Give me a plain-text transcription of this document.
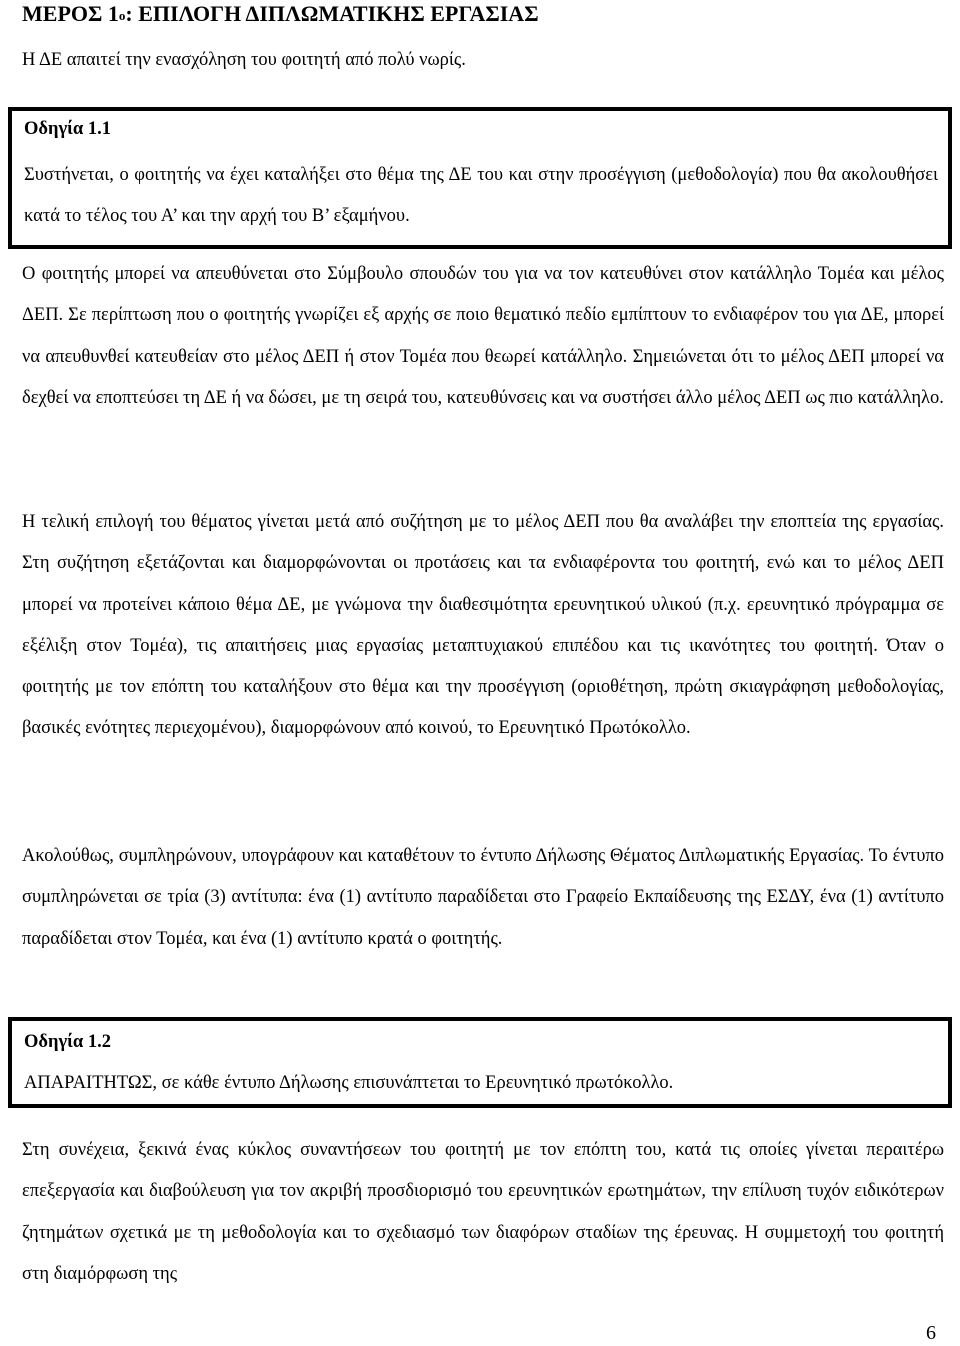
ΜΕΡΟΣ $1^o$: ΕΠΙΛΟΓΗ ΔΙΠΛΩΜΑΤΙΚΗΣ ΕΡΓΑΣΙΑΣ
Η ΔΕ απαιτεί την ενασχόληση του φοιτητή από πολύ νωρίς.
Οδηγία 1.1
Συστήνεται, ο φοιτητής να έχει καταλήξει στο θέμα της ΔΕ του και στην προσέγγιση (μεθοδολογία) που θα ακολουθήσει κατά το τέλος του Α’ και την αρχή του Β’ εξαμήνου.

Ο φοιτητής μπορεί να απευθύνεται στο Σύμβουλο σπουδών του για να τον κατευθύνει στον κατάλληλο Τομέα και μέλος ΔΕΠ. Σε περίπτωση που ο φοιτητής γνωρίζει εξ αρχής σε ποιο θεματικό πεδίο εμπίπτουν το ενδιαφέρον του για ΔΕ, μπορεί να απευθυνθεί κατευθείαν στο μέλος ΔΕΠ ή στον Τομέα που θεωρεί κατάλληλο. Σημειώνεται ότι το μέλος ΔΕΠ μπορεί να δεχθεί να εποπτεύσει τη ΔΕ ή να δώσει, με τη σειρά του, κατευθύνσεις και να συστήσει άλλο μέλος ΔΕΠ ως πιο κατάλληλο.

Η τελική επιλογή του θέματος γίνεται μετά από συζήτηση με το μέλος ΔΕΠ που θα αναλάβει την εποπτεία της εργασίας. Στη συζήτηση εξετάζονται και διαμορφώνονται οι προτάσεις και τα ενδιαφέροντα του φοιτητή, ενώ και το μέλος ΔΕΠ μπορεί να προτείνει κάποιο θέμα ΔΕ, με γνώμονα την διαθεσιμότητα ερευνητικού υλικού (π.χ. ερευνητικό πρόγραμμα σε εξέλιξη στον Τομέα), τις απαιτήσεις μιας εργασίας μεταπτυχιακού επιπέδου και τις ικανότητες του φοιτητή. Όταν ο φοιτητής με τον επόπτη του καταλήξουν στο θέμα και την προσέγγιση (οριοθέτηση, πρώτη σκιαγράφηση μεθοδολογίας, βασικές ενότητες περιεχομένου), διαμορφώνουν από κοινού, το Ερευνητικό Πρωτόκολλο.

Ακολούθως, συμπληρώνουν, υπογράφουν και καταθέτουν το έντυπο Δήλωσης Θέματος Διπλωματικής Εργασίας. Το έντυπο συμπληρώνεται σε τρία (3) αντίτυπα: ένα (1) αντίτυπο παραδίδεται στο Γραφείο Εκπαίδευσης της ΕΣΔΥ, ένα (1) αντίτυπο παραδίδεται στον Τομέα, και ένα (1) αντίτυπο κρατά ο φοιτητής.

Οδηγία 1.2
ΑΠΑΡΑΙΤΗΤΩΣ, σε κάθε έντυπο Δήλωσης επισυνάπτεται το Ερευνητικό πρωτόκολλο.

Στη συνέχεια, ξεκινά ένας κύκλος συναντήσεων του φοιτητή με τον επόπτη του, κατά τις οποίες γίνεται περαιτέρω επεξεργασία και διαβούλευση για τον ακριβή προσδιορισμό του ερευνητικών ερωτημάτων, την επίλυση τυχόν ειδικότερων ζητημάτων σχετικά με τη μεθοδολογία και το σχεδιασμό των διαφόρων σταδίων της έρευνας. Η συμμετοχή του φοιτητή στη διαμόρφωση της

6
